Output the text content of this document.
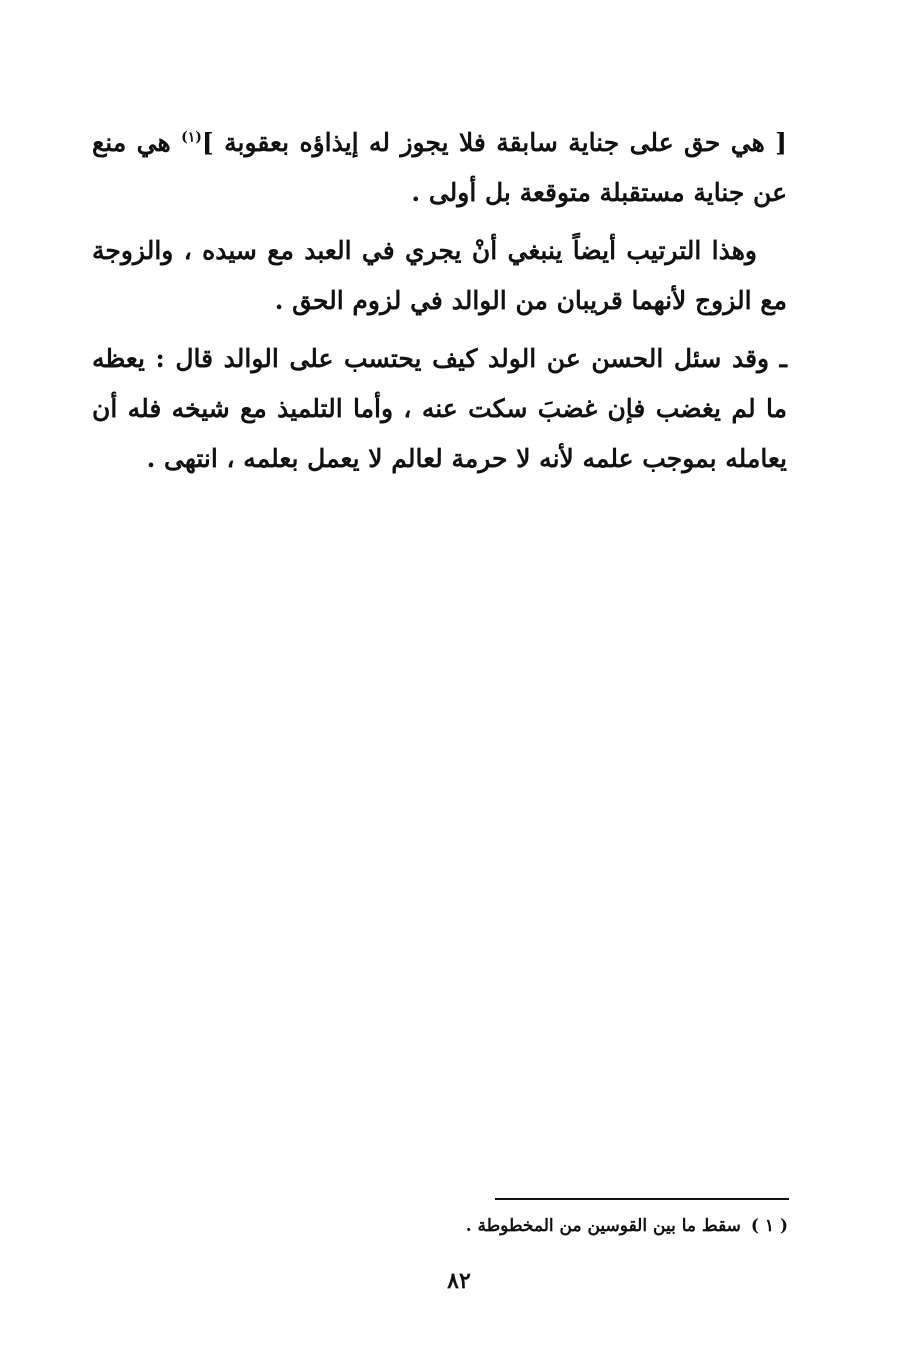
[ هي حق على جناية سابقة فلا يجوز له إيذاؤه بعقوبة ]$^{(١)}$ هي منع عن جناية مستقبلة متوقعة بل أولى .

وهذا الترتيب أيضاً ينبغي أنْ يجري في العبد مع سيده ، والزوجة مع الزوج لأنهما قريبان من الوالد في لزوم الحق .

ـ وقد سئل الحسن عن الولد كيف يحتسب على الوالد قال : يعظه ما لم يغضب فإن غضبَ سكت عنه ، وأما التلميذ مع شيخه فله أن يعامله بموجب علمه لأنه لا حرمة لعالم لا يعمل بعلمه ، انتهى .

( ١ )سقط ما بين القوسين من المخطوطة .
٨٢
